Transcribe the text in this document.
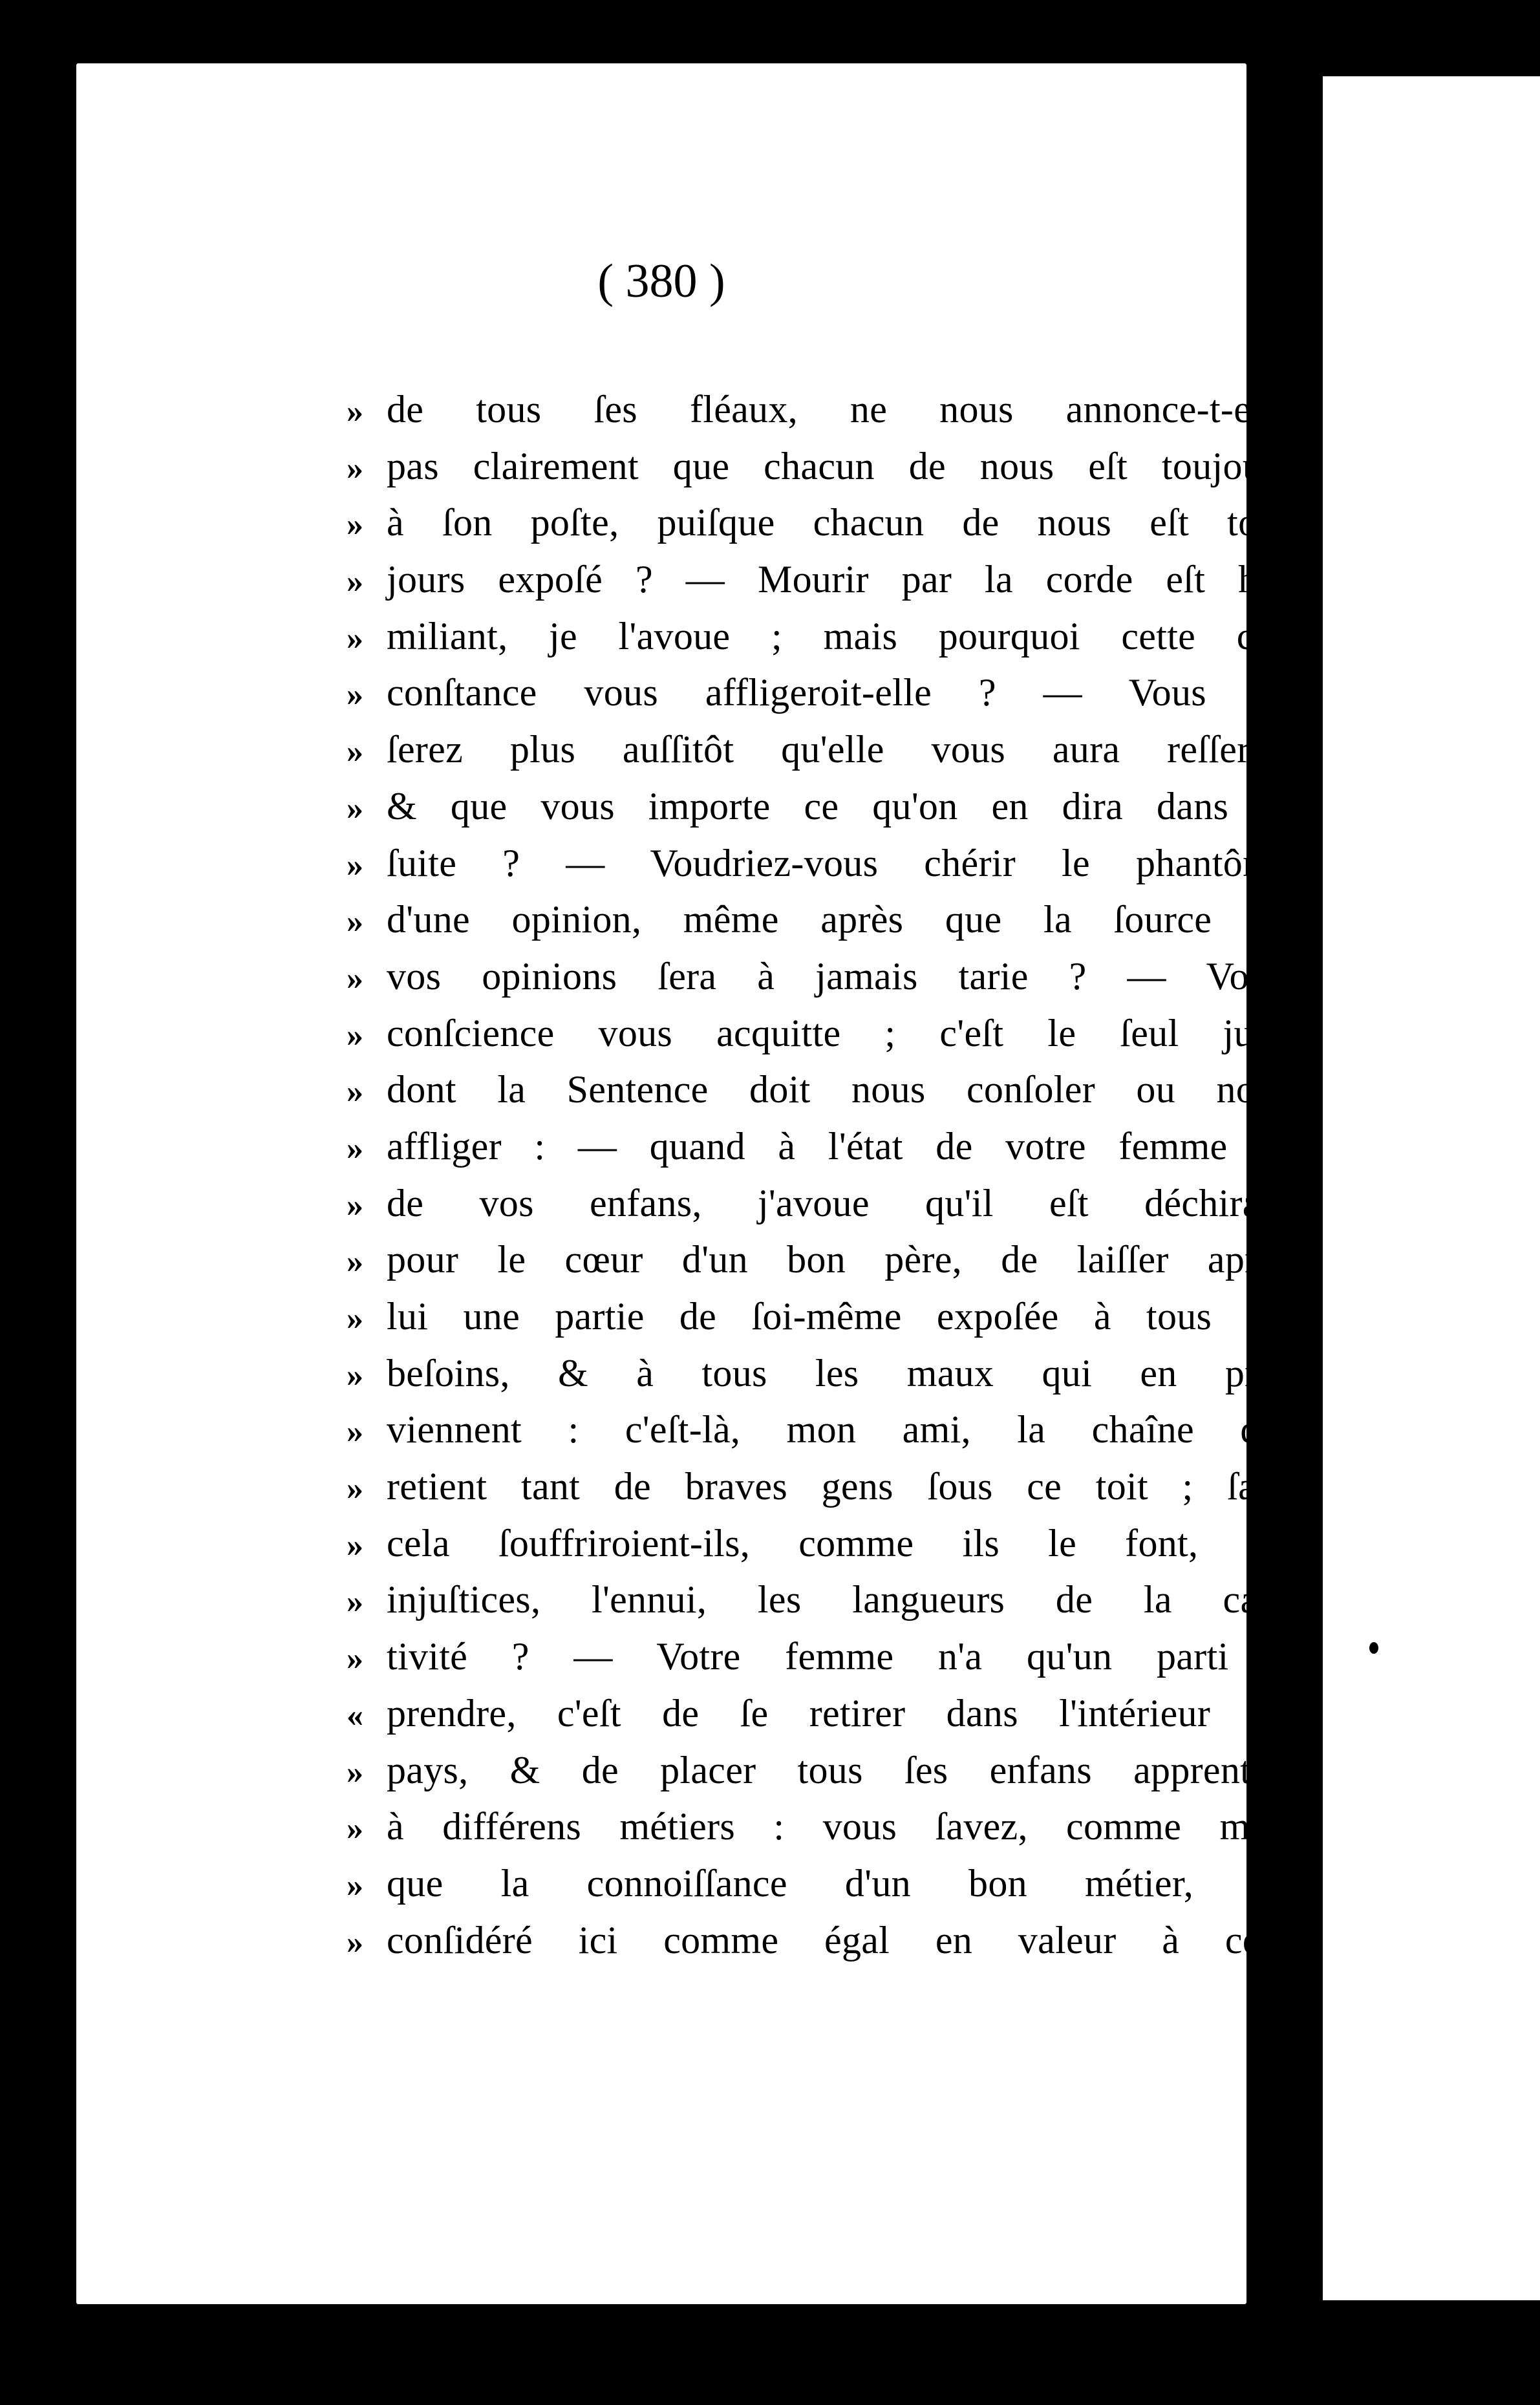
( 380 )
» de tous ſes fléaux, ne nous annonce-t-elle
» pas clairement que chacun de nous eſt toujours
» à ſon poſte, puiſque chacun de nous eſt tou-
» jours expoſé ? — Mourir par la corde eſt hu-
» miliant, je l'avoue ; mais pourquoi cette cir-
» conſtance vous affligeroit-elle ? — Vous ne
» ſerez plus auſſitôt qu'elle vous aura reſſerré,
» & que vous importe ce qu'on en dira dans la
» ſuite ? — Voudriez-vous chérir le phantôme
» d'une opinion, même après que la ſource de
» vos opinions ſera à jamais tarie ? — Votre
» conſcience vous acquitte ; c'eſt le ſeul juge
» dont la Sentence doit nous conſoler ou nous
» affliger : — quand à l'état de votre femme &
» de vos enfans, j'avoue qu'il eſt déchirant
» pour le cœur d'un bon père, de laiſſer après
» lui une partie de ſoi-même expoſée à tous les
» beſoins, & à tous les maux qui en pro-
» viennent : c'eſt-là, mon ami, la chaîne qui
» retient tant de braves gens ſous ce toit ; ſans
» cela ſouffriroient-ils, comme ils le font, les
» injuſtices, l'ennui, les langueurs de la cap-
» tivité ? — Votre femme n'a qu'un parti à
« prendre, c'eſt de ſe retirer dans l'intérieur du
» pays, & de placer tous ſes enfans apprentifs
» à différens métiers : vous ſavez, comme moi,
» que la connoiſſance d'un bon métier, eſt
» conſidéré ici comme égal en valeur à cent
